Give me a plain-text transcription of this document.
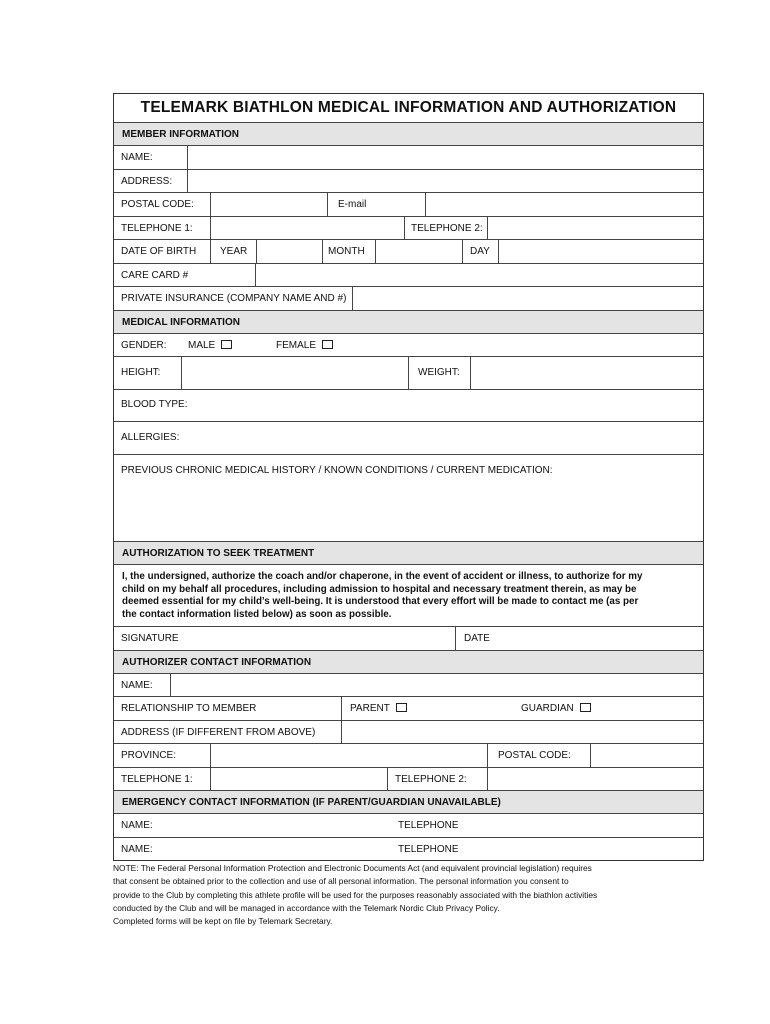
TELEMARK BIATHLON MEDICAL INFORMATION AND AUTHORIZATION
MEMBER INFORMATION
NAME:
ADDRESS:
POSTAL CODE:	E-mail
TELEPHONE 1:	TELEPHONE 2:
DATE OF BIRTH	YEAR	MONTH	DAY
CARE CARD #
PRIVATE INSURANCE (COMPANY NAME AND #)
MEDICAL INFORMATION
GENDER:	MALE	FEMALE
HEIGHT:	WEIGHT:
BLOOD TYPE:
ALLERGIES:
PREVIOUS CHRONIC MEDICAL HISTORY / KNOWN CONDITIONS / CURRENT MEDICATION:
AUTHORIZATION TO SEEK TREATMENT
I, the undersigned, authorize the coach and/or chaperone, in the event of accident or illness, to authorize for my
child on my behalf all procedures, including admission to hospital and necessary treatment therein, as may be
deemed essential for my child’s well-being. It is understood that every effort will be made to contact me (as per
the contact information listed below) as soon as possible.
SIGNATURE	DATE
AUTHORIZER CONTACT INFORMATION
NAME:
RELATIONSHIP TO MEMBER	PARENT	GUARDIAN
ADDRESS (IF DIFFERENT FROM ABOVE)
PROVINCE:	POSTAL CODE:
TELEPHONE 1:	TELEPHONE 2:
EMERGENCY CONTACT INFORMATION (IF PARENT/GUARDIAN UNAVAILABLE)
NAME:	TELEPHONE
NAME:	TELEPHONE
NOTE: The Federal Personal Information Protection and Electronic Documents Act (and equivalent provincial legislation) requires
that consent be obtained prior to the collection and use of all personal information. The personal information you consent to
provide to the Club by completing this athlete profile will be used for the purposes reasonably associated with the biathlon activities
conducted by the Club and will be managed in accordance with the Telemark Nordic Club Privacy Policy.
Completed forms will be kept on file by Telemark Secretary.
